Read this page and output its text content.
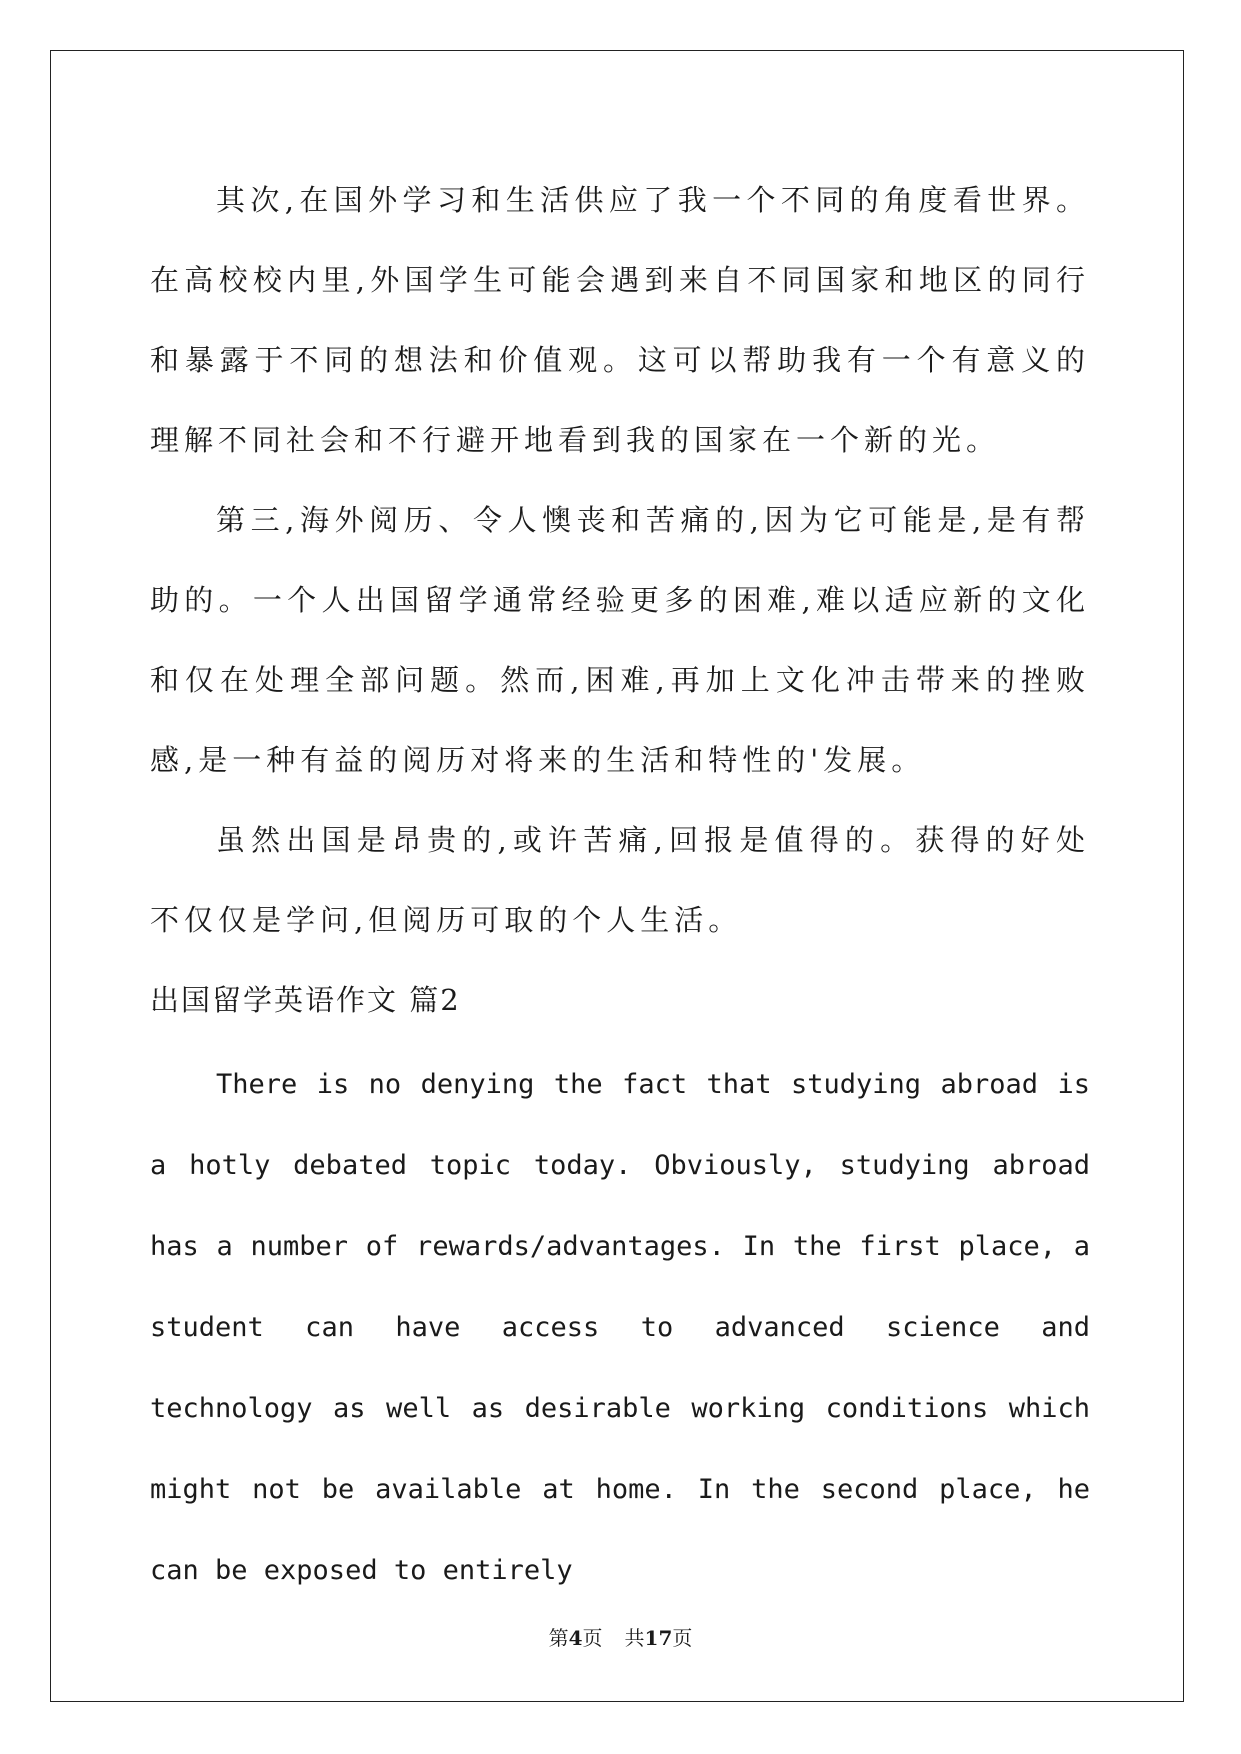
其次,在国外学习和生活供应了我一个不同的角度看世界。在高校校内里,外国学生可能会遇到来自不同国家和地区的同行和暴露于不同的想法和价值观。这可以帮助我有一个有意义的理解不同社会和不行避开地看到我的国家在一个新的光。

第三,海外阅历、令人懊丧和苦痛的,因为它可能是,是有帮助的。一个人出国留学通常经验更多的困难,难以适应新的文化和仅在处理全部问题。然而,困难,再加上文化冲击带来的挫败感,是一种有益的阅历对将来的生活和特性的'发展。

虽然出国是昂贵的,或许苦痛,回报是值得的。获得的好处不仅仅是学问,但阅历可取的个人生活。

出国留学英语作文 篇2

There is no denying the fact that studying abroad is a hotly debated topic today. Obviously, studying abroad has a number of rewards/advantages. In the first place, a student can have access to advanced science and technology as well as desirable working conditions which might not be available at home. In the second place, he can be exposed to entirely

第4页 共17页
